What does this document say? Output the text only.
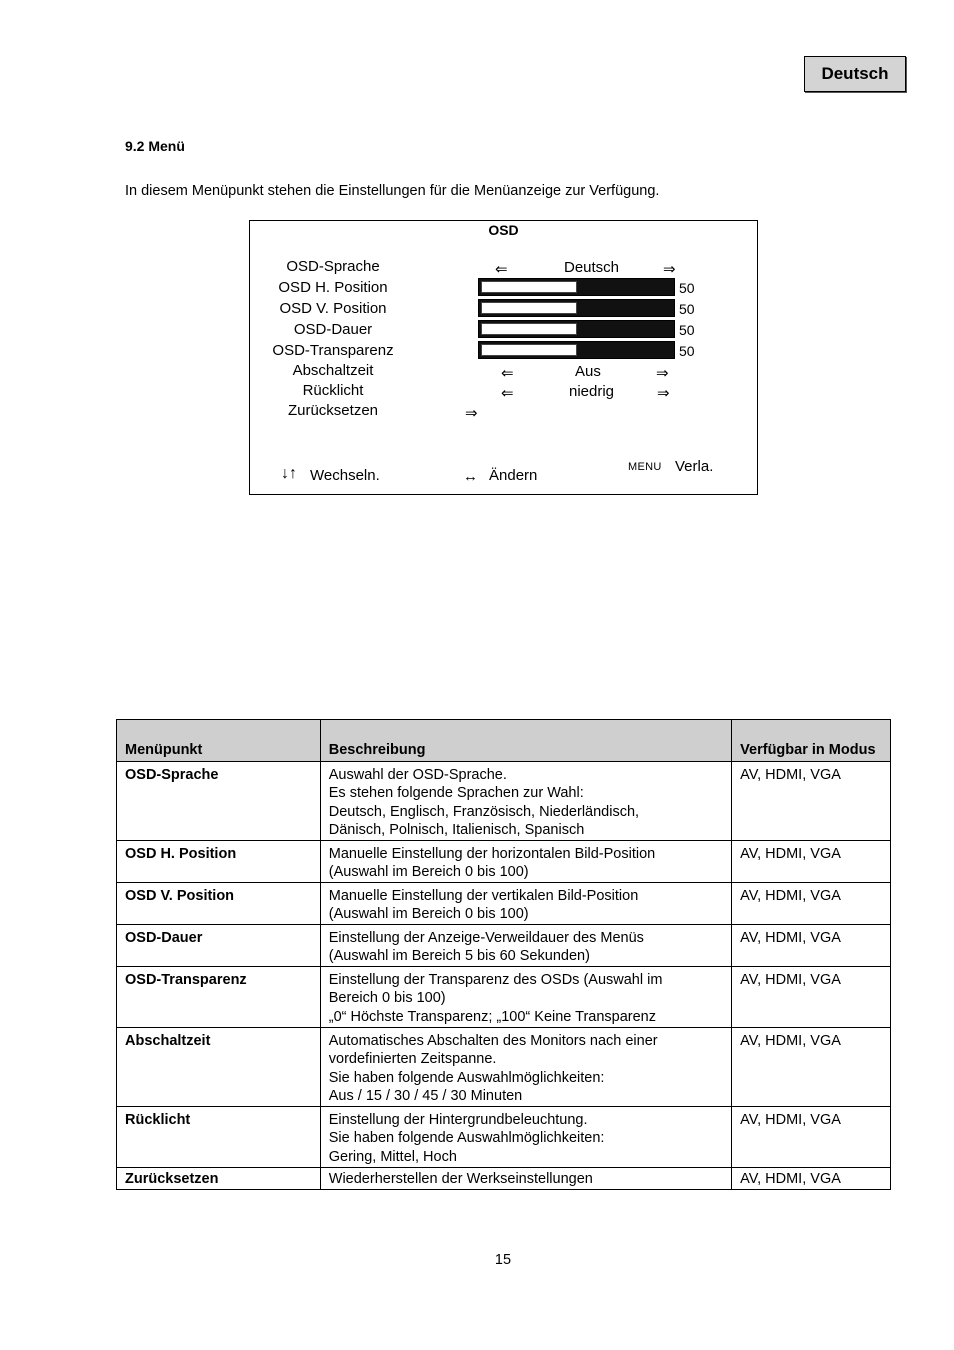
Deutsch
9.2 Menü
In diesem Menüpunkt stehen die Einstellungen für die Menüanzeige zur Verfügung.
OSD
OSD-Sprache	⇐	Deutsch	⇒
OSD H. Position	50
OSD V. Position	50
OSD-Dauer	50
OSD-Transparenz	50
Abschaltzeit	⇐	Aus	⇒
Rücklicht	⇐	niedrig	⇒
Zurücksetzen	⇒
↓↑ Wechseln.	↔ Ändern	MENU Verla.
Menüpunkt	Beschreibung	Verfügbar in Modus
OSD-Sprache	Auswahl der OSD-Sprache.
Es stehen folgende Sprachen zur Wahl:
Deutsch, Englisch, Französisch, Niederländisch,
Dänisch, Polnisch, Italienisch, Spanisch	AV, HDMI, VGA
OSD H. Position	Manuelle Einstellung der horizontalen Bild-Position
(Auswahl im Bereich 0 bis 100)	AV, HDMI, VGA
OSD V. Position	Manuelle Einstellung der vertikalen Bild-Position
(Auswahl im Bereich 0 bis 100)	AV, HDMI, VGA
OSD-Dauer	Einstellung der Anzeige-Verweildauer des Menüs
(Auswahl im Bereich 5 bis 60 Sekunden)	AV, HDMI, VGA
OSD-Transparenz	Einstellung der Transparenz des OSDs (Auswahl im
Bereich 0 bis 100)
„0“ Höchste Transparenz; „100“ Keine Transparenz	AV, HDMI, VGA
Abschaltzeit	Automatisches Abschalten des Monitors nach einer
vordefinierten Zeitspanne.
Sie haben folgende Auswahlmöglichkeiten:
Aus / 15 / 30 / 45 / 30 Minuten	AV, HDMI, VGA
Rücklicht	Einstellung der Hintergrundbeleuchtung.
Sie haben folgende Auswahlmöglichkeiten:
Gering, Mittel, Hoch	AV, HDMI, VGA
Zurücksetzen	Wiederherstellen der Werkseinstellungen	AV, HDMI, VGA
15
